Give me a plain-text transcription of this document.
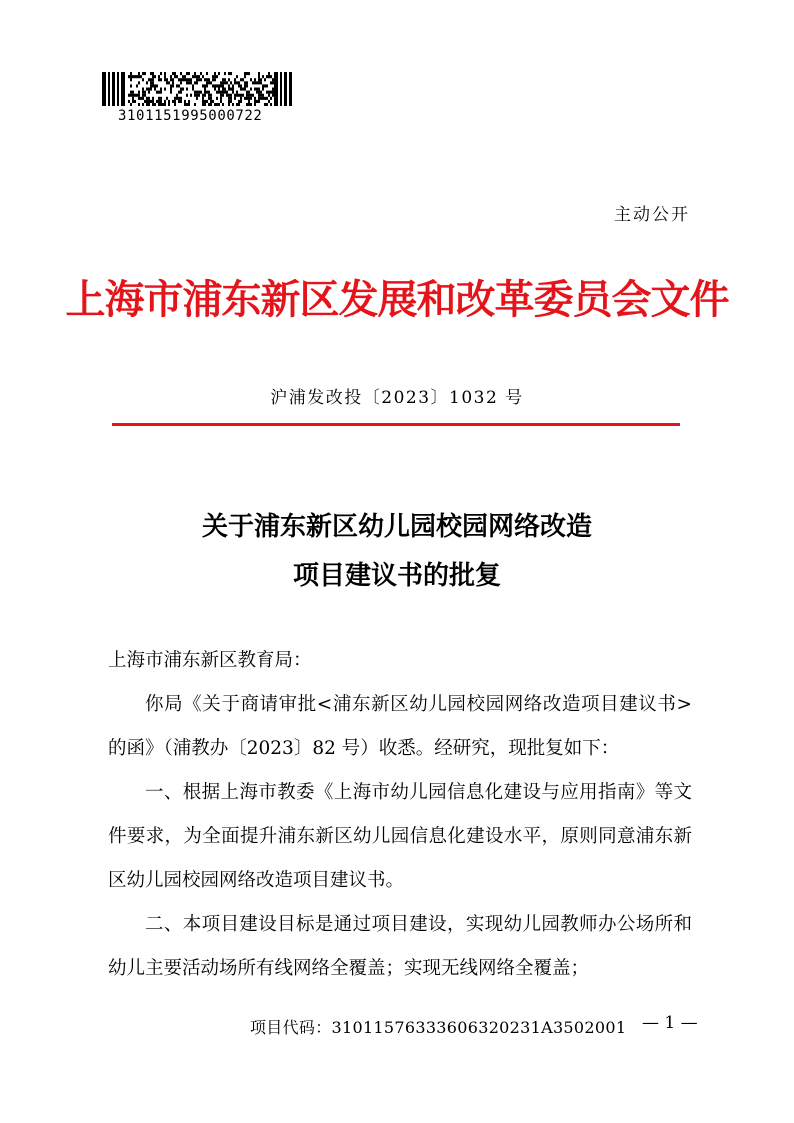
3101151995000722
主动公开
上海市浦东新区发展和改革委员会文件
沪浦发改投〔2023〕1032 号
关于浦东新区幼儿园校园网络改造
项目建议书的批复

上海市浦东新区教育局：

你局《关于商请审批<浦东新区幼儿园校园网络改造项目建议书>的函》（浦教办〔2023〕82 号）收悉。经研究，现批复如下：

一、根据上海市教委《上海市幼儿园信息化建设与应用指南》等文件要求，为全面提升浦东新区幼儿园信息化建设水平，原则同意浦东新区幼儿园校园网络改造项目建议书。

二、本项目建设目标是通过项目建设，实现幼儿园教师办公场所和幼儿主要活动场所有线网络全覆盖；实现无线网络全覆盖；

项目代码：31011576333606320231A3502001 — 1 —
